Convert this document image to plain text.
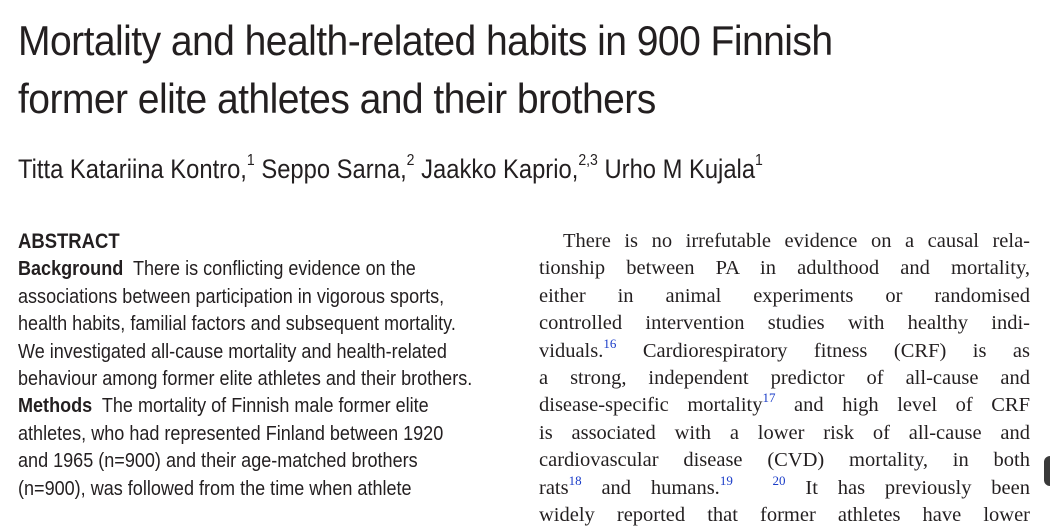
Mortality and health-related habits in 900 Finnish former elite athletes and their brothers

Titta Katariina Kontro,$^1$ Seppo Sarna,$^2$ Jaakko Kaprio,$^{2,3}$ Urho M Kujala$^1$

ABSTRACT

Background There is conflicting evidence on the associations between participation in vigorous sports, health habits, familial factors and subsequent mortality. We investigated all-cause mortality and health-related behaviour among former elite athletes and their brothers.

Methods The mortality of Finnish male former elite athletes, who had represented Finland between 1920 and 1965 (n=900) and their age-matched brothers (n=900), was followed from the time when athlete

There is no irrefutable evidence on a causal rela-
tionship between PA in adulthood and mortality,
either in animal experiments or randomised
controlled intervention studies with healthy indi-
viduals.$^{16}$ Cardiorespiratory fitness (CRF) is as
a strong, independent predictor of all-cause and
disease-specific mortality$^{17}$ and high level of CRF
is associated with a lower risk of all-cause and
cardiovascular disease (CVD) mortality, in both
rats$^{18}$ and humans.$^{19}$	$^{20}$ It has previously been
widely reported that former athletes have lower
